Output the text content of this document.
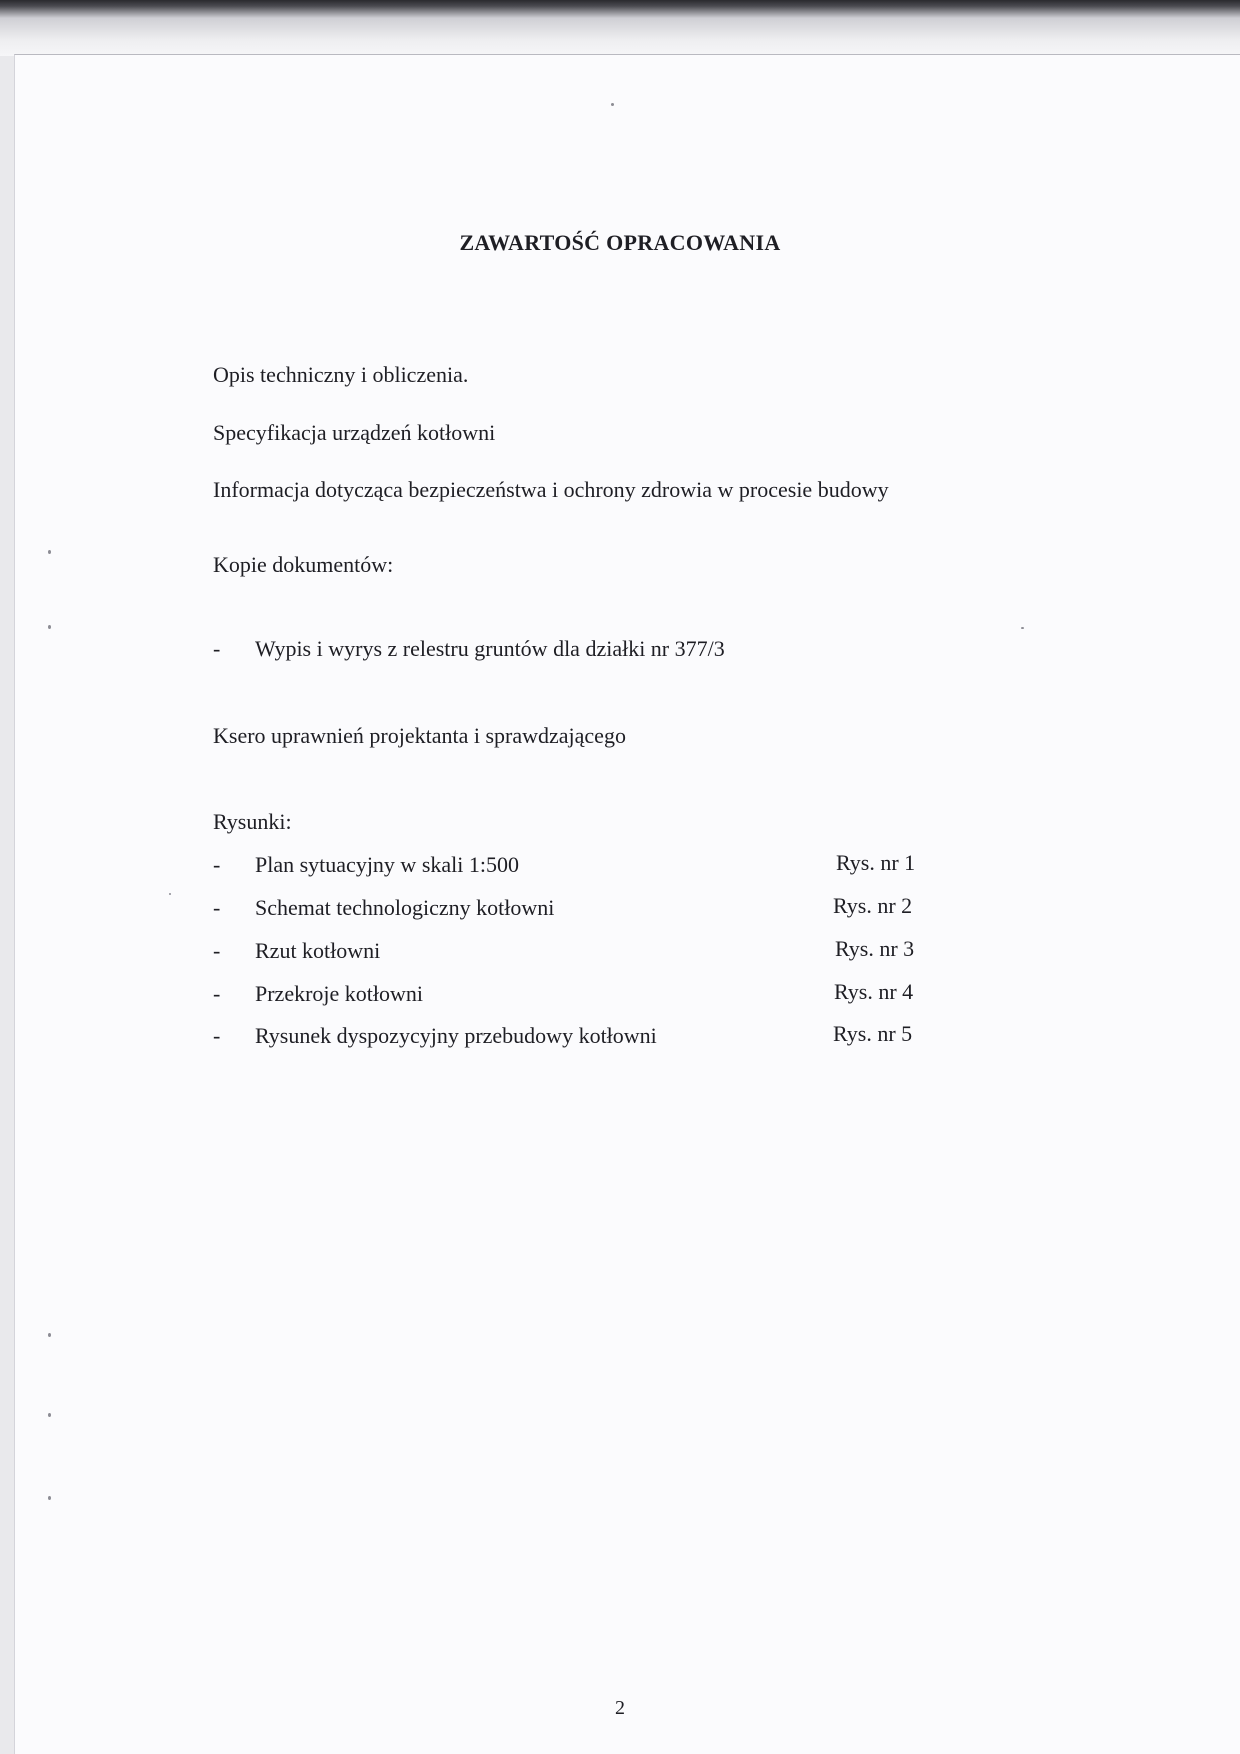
ZAWARTOŚĆ OPRACOWANIA
Opis techniczny i obliczenia.
Specyfikacja urządzeń kotłowni
Informacja dotycząca bezpieczeństwa i ochrony zdrowia w procesie budowy
Kopie dokumentów:
- Wypis i wyrys z relestru gruntów dla działki nr 377/3
Ksero uprawnień projektanta i sprawdzającego
Rysunki:
- Plan sytuacyjny w skali 1:500	Rys. nr 1
- Schemat technologiczny kotłowni	Rys. nr 2
- Rzut kotłowni	Rys. nr 3
- Przekroje kotłowni	Rys. nr 4
- Rysunek dyspozycyjny przebudowy kotłowni	Rys. nr 5
2
